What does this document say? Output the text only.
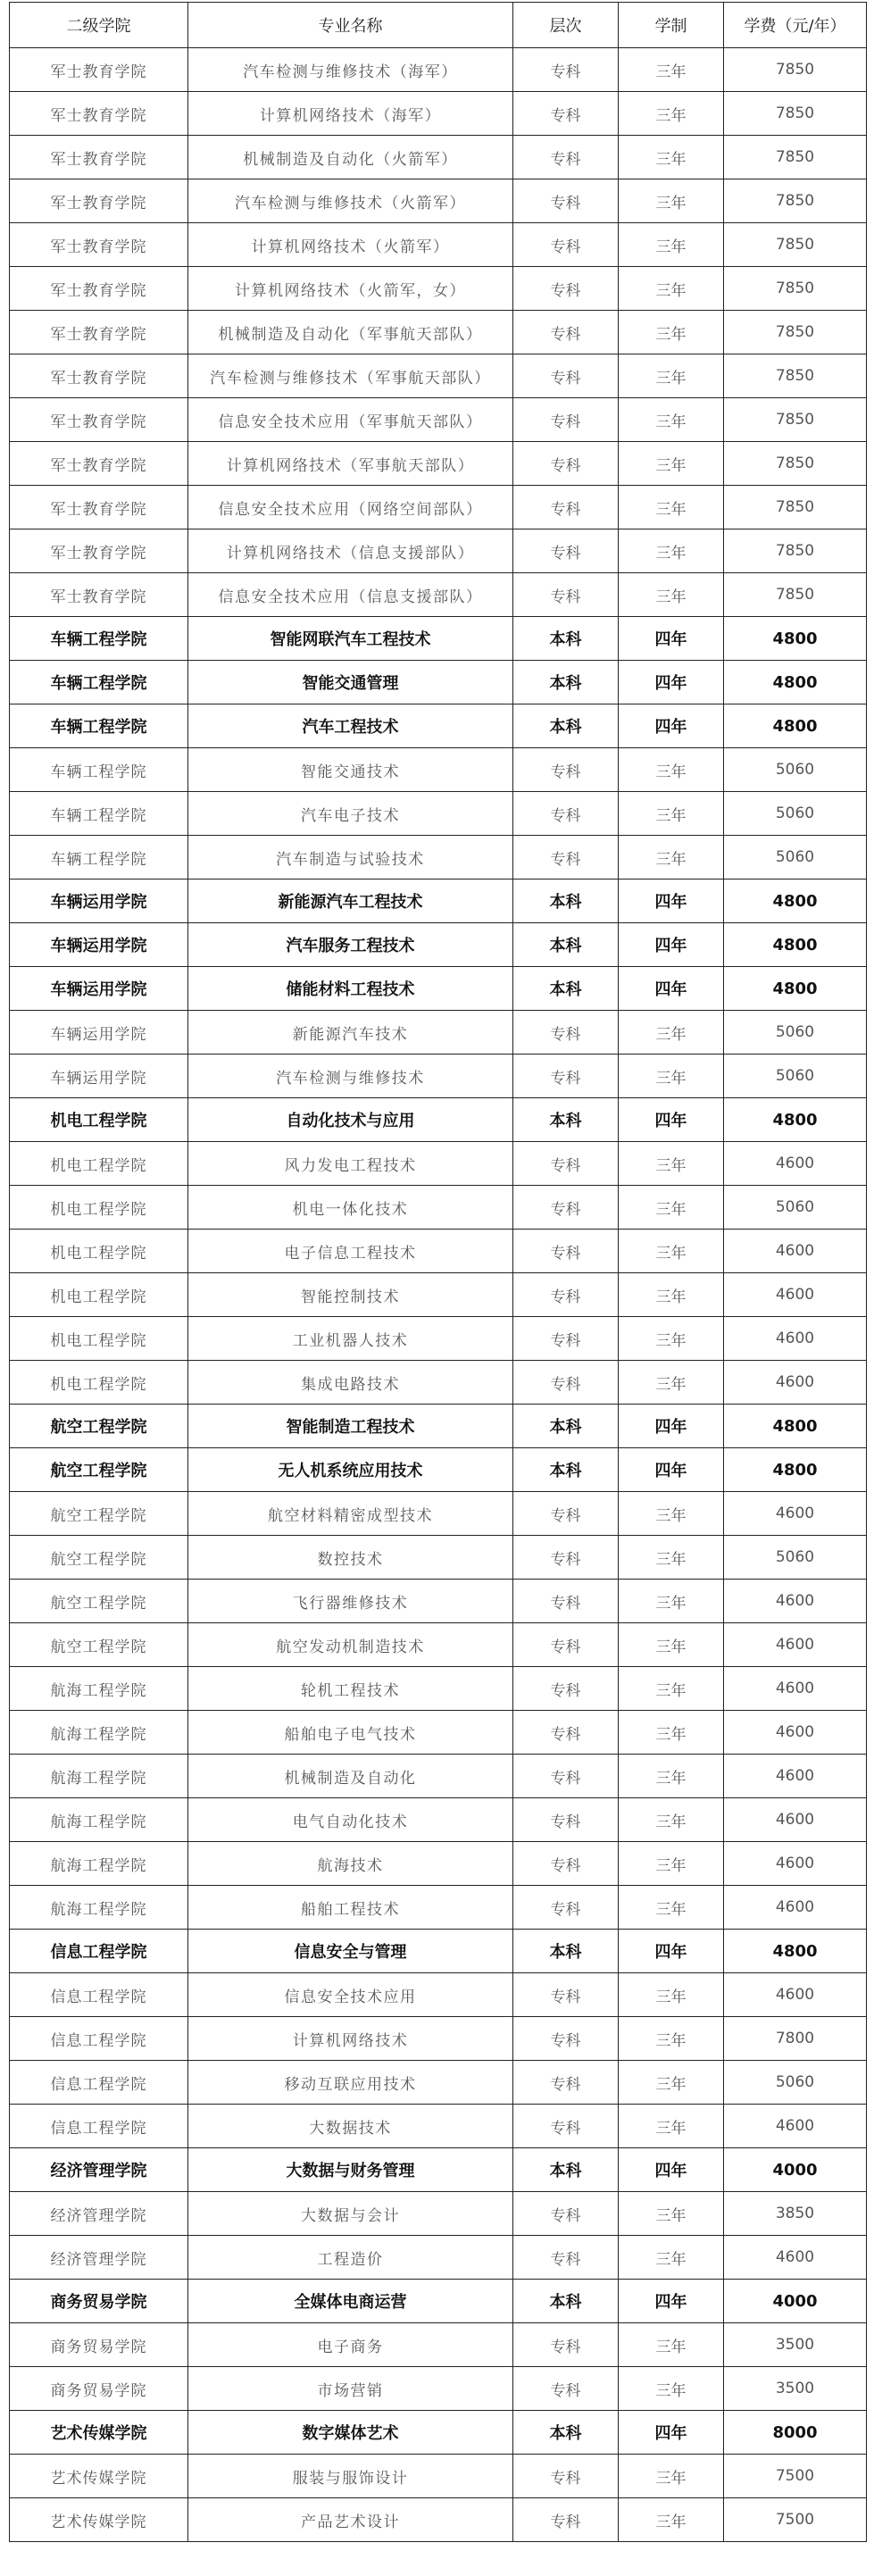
二级学院	专业名称	层次	学制	学费（元/年）
军士教育学院	汽车检测与维修技术（海军）	专科	三年	7850
军士教育学院	计算机网络技术（海军）	专科	三年	7850
军士教育学院	机械制造及自动化（火箭军）	专科	三年	7850
军士教育学院	汽车检测与维修技术（火箭军）	专科	三年	7850
军士教育学院	计算机网络技术（火箭军）	专科	三年	7850
军士教育学院	计算机网络技术（火箭军，女）	专科	三年	7850
军士教育学院	机械制造及自动化（军事航天部队）	专科	三年	7850
军士教育学院	汽车检测与维修技术（军事航天部队）	专科	三年	7850
军士教育学院	信息安全技术应用（军事航天部队）	专科	三年	7850
军士教育学院	计算机网络技术（军事航天部队）	专科	三年	7850
军士教育学院	信息安全技术应用（网络空间部队）	专科	三年	7850
军士教育学院	计算机网络技术（信息支援部队）	专科	三年	7850
军士教育学院	信息安全技术应用（信息支援部队）	专科	三年	7850
车辆工程学院	智能网联汽车工程技术	本科	四年	4800
车辆工程学院	智能交通管理	本科	四年	4800
车辆工程学院	汽车工程技术	本科	四年	4800
车辆工程学院	智能交通技术	专科	三年	5060
车辆工程学院	汽车电子技术	专科	三年	5060
车辆工程学院	汽车制造与试验技术	专科	三年	5060
车辆运用学院	新能源汽车工程技术	本科	四年	4800
车辆运用学院	汽车服务工程技术	本科	四年	4800
车辆运用学院	储能材料工程技术	本科	四年	4800
车辆运用学院	新能源汽车技术	专科	三年	5060
车辆运用学院	汽车检测与维修技术	专科	三年	5060
机电工程学院	自动化技术与应用	本科	四年	4800
机电工程学院	风力发电工程技术	专科	三年	4600
机电工程学院	机电一体化技术	专科	三年	5060
机电工程学院	电子信息工程技术	专科	三年	4600
机电工程学院	智能控制技术	专科	三年	4600
机电工程学院	工业机器人技术	专科	三年	4600
机电工程学院	集成电路技术	专科	三年	4600
航空工程学院	智能制造工程技术	本科	四年	4800
航空工程学院	无人机系统应用技术	本科	四年	4800
航空工程学院	航空材料精密成型技术	专科	三年	4600
航空工程学院	数控技术	专科	三年	5060
航空工程学院	飞行器维修技术	专科	三年	4600
航空工程学院	航空发动机制造技术	专科	三年	4600
航海工程学院	轮机工程技术	专科	三年	4600
航海工程学院	船舶电子电气技术	专科	三年	4600
航海工程学院	机械制造及自动化	专科	三年	4600
航海工程学院	电气自动化技术	专科	三年	4600
航海工程学院	航海技术	专科	三年	4600
航海工程学院	船舶工程技术	专科	三年	4600
信息工程学院	信息安全与管理	本科	四年	4800
信息工程学院	信息安全技术应用	专科	三年	4600
信息工程学院	计算机网络技术	专科	三年	7800
信息工程学院	移动互联应用技术	专科	三年	5060
信息工程学院	大数据技术	专科	三年	4600
经济管理学院	大数据与财务管理	本科	四年	4000
经济管理学院	大数据与会计	专科	三年	3850
经济管理学院	工程造价	专科	三年	4600
商务贸易学院	全媒体电商运营	本科	四年	4000
商务贸易学院	电子商务	专科	三年	3500
商务贸易学院	市场营销	专科	三年	3500
艺术传媒学院	数字媒体艺术	本科	四年	8000
艺术传媒学院	服装与服饰设计	专科	三年	7500
艺术传媒学院	产品艺术设计	专科	三年	7500
